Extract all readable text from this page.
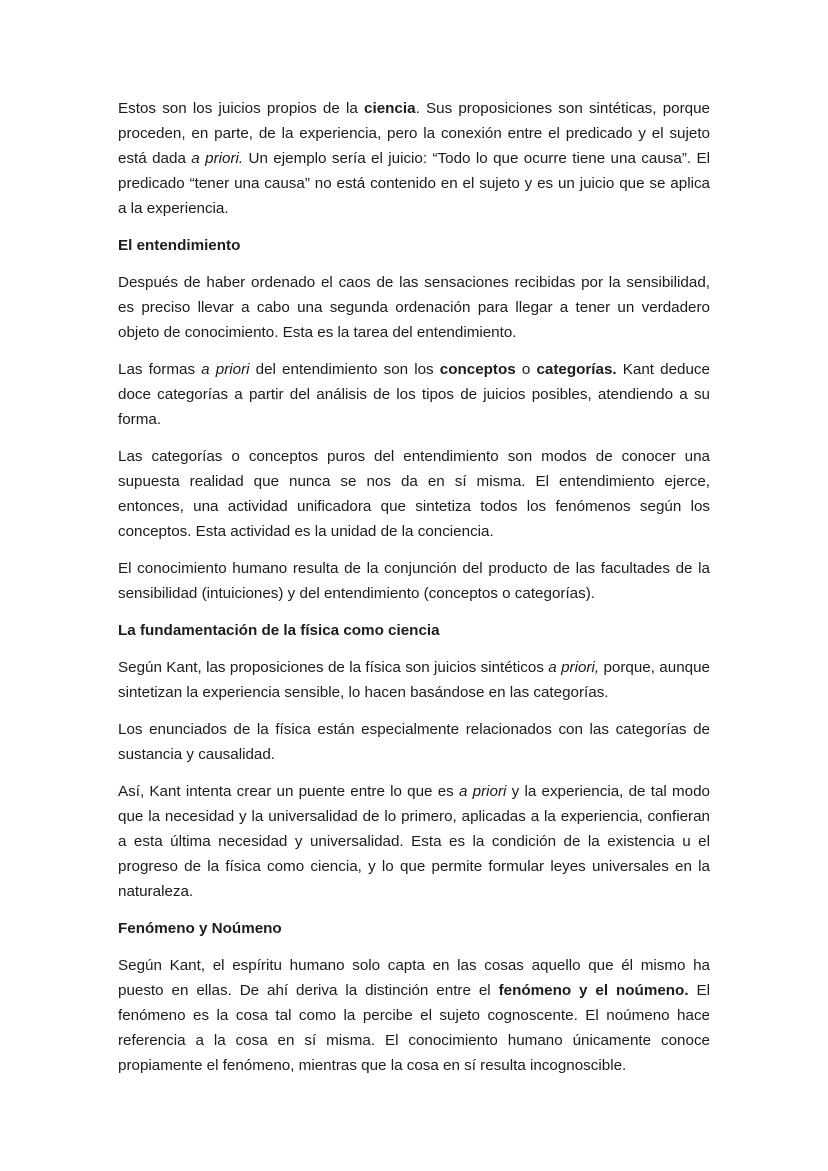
Estos son los juicios propios de la ciencia. Sus proposiciones son sintéticas, porque proceden, en parte, de la experiencia, pero la conexión entre el predicado y el sujeto está dada a priori. Un ejemplo sería el juicio: “Todo lo que ocurre tiene una causa”. El predicado “tener una causa” no está contenido en el sujeto y es un juicio que se aplica a la experiencia.

El entendimiento

Después de haber ordenado el caos de las sensaciones recibidas por la sensibilidad, es preciso llevar a cabo una segunda ordenación para llegar a tener un verdadero objeto de conocimiento. Esta es la tarea del entendimiento.

Las formas a priori del entendimiento son los conceptos o categorías. Kant deduce doce categorías a partir del análisis de los tipos de juicios posibles, atendiendo a su forma.

Las categorías o conceptos puros del entendimiento son modos de conocer una supuesta realidad que nunca se nos da en sí misma. El entendimiento ejerce, entonces, una actividad unificadora que sintetiza todos los fenómenos según los conceptos. Esta actividad es la unidad de la conciencia.

El conocimiento humano resulta de la conjunción del producto de las facultades de la sensibilidad (intuiciones) y del entendimiento (conceptos o categorías).

La fundamentación de la física como ciencia

Según Kant, las proposiciones de la física son juicios sintéticos a priori, porque, aunque sintetizan la experiencia sensible, lo hacen basándose en las categorías.

Los enunciados de la física están especialmente relacionados con las categorías de sustancia y causalidad.

Así, Kant intenta crear un puente entre lo que es a priori y la experiencia, de tal modo que la necesidad y la universalidad de lo primero, aplicadas a la experiencia, confieran a esta última necesidad y universalidad. Esta es la condición de la existencia u el progreso de la física como ciencia, y lo que permite formular leyes universales en la naturaleza.

Fenómeno y Noúmeno

Según Kant, el espíritu humano solo capta en las cosas aquello que él mismo ha puesto en ellas. De ahí deriva la distinción entre el fenómeno y el noúmeno. El fenómeno es la cosa tal como la percibe el sujeto cognoscente. El noúmeno hace referencia a la cosa en sí misma. El conocimiento humano únicamente conoce propiamente el fenómeno, mientras que la cosa en sí resulta incognoscible.
